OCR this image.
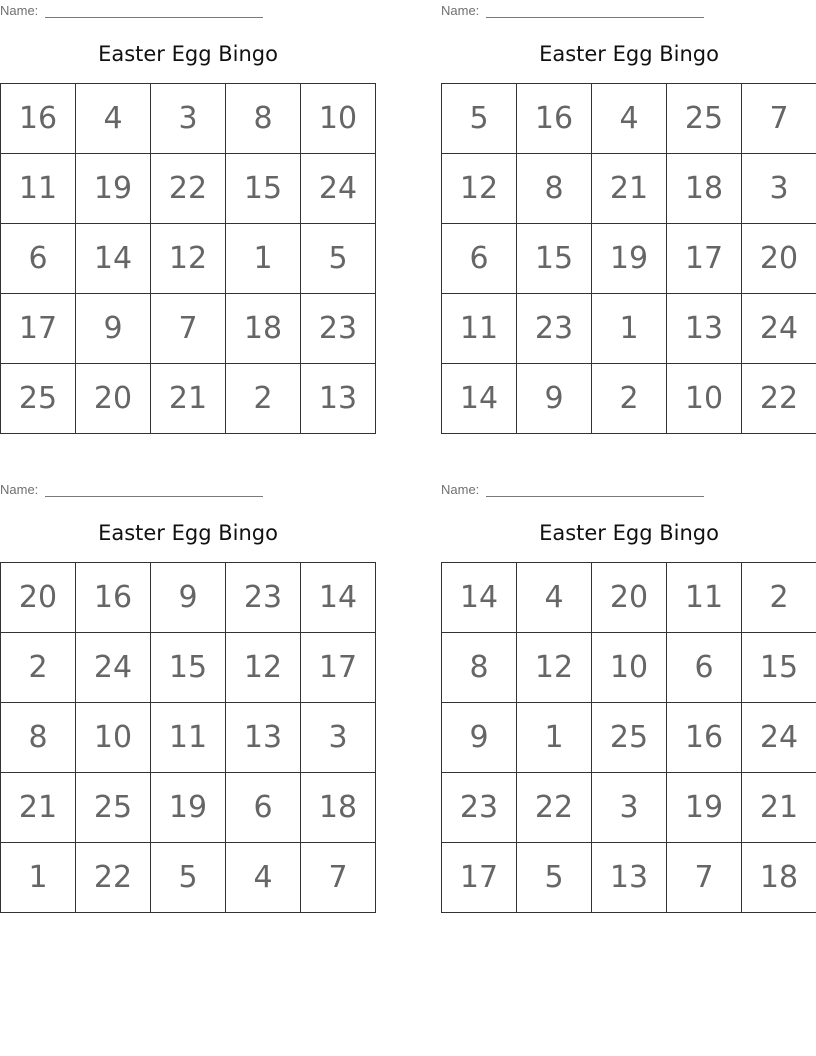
Name:
Easter Egg Bingo
16	4	3	8	10
11	19	22	15	24
6	14	12	1	5
17	9	7	18	23
25	20	21	2	13
Name:
Easter Egg Bingo
5	16	4	25	7
12	8	21	18	3
6	15	19	17	20
11	23	1	13	24
14	9	2	10	22
Name:
Easter Egg Bingo
20	16	9	23	14
2	24	15	12	17
8	10	11	13	3
21	25	19	6	18
1	22	5	4	7
Name:
Easter Egg Bingo
14	4	20	11	2
8	12	10	6	15
9	1	25	16	24
23	22	3	19	21
17	5	13	7	18
